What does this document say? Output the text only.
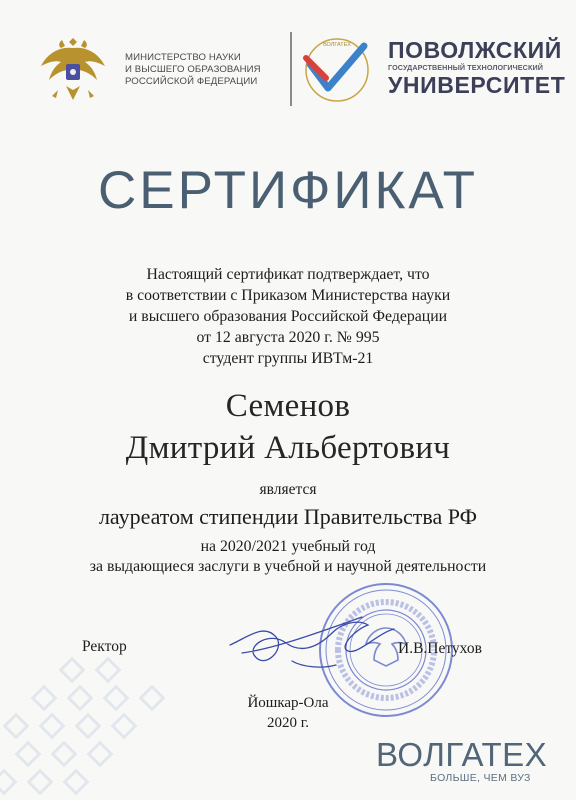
МИНИСТЕРСТВО НАУКИ
И ВЫСШЕГО ОБРАЗОВАНИЯ
РОССИЙСКОЙ ФЕДЕРАЦИИ
ВОЛГАТЕХ ПОВОЛЖСКИЙ
ГОСУДАРСТВЕННЫЙ ТЕХНОЛОГИЧЕСКИЙ
УНИВЕРСИТЕТ
СЕРТИФИКАТ
Настоящий сертификат подтверждает, что
в соответствии с Приказом Министерства науки
и высшего образования Российской Федерации
от 12 августа 2020 г. № 995
студент группы ИВТм-21
Семенов
Дмитрий Альбертович
является
лауреатом стипендии Правительства РФ
на 2020/2021 учебный год
за выдающиеся заслуги в учебной и научной деятельности
Ректор	И.В.Петухов
Йошкар-Ола
2020 г.
ВОЛГАТЕХ
БОЛЬШЕ, ЧЕМ ВУЗ
